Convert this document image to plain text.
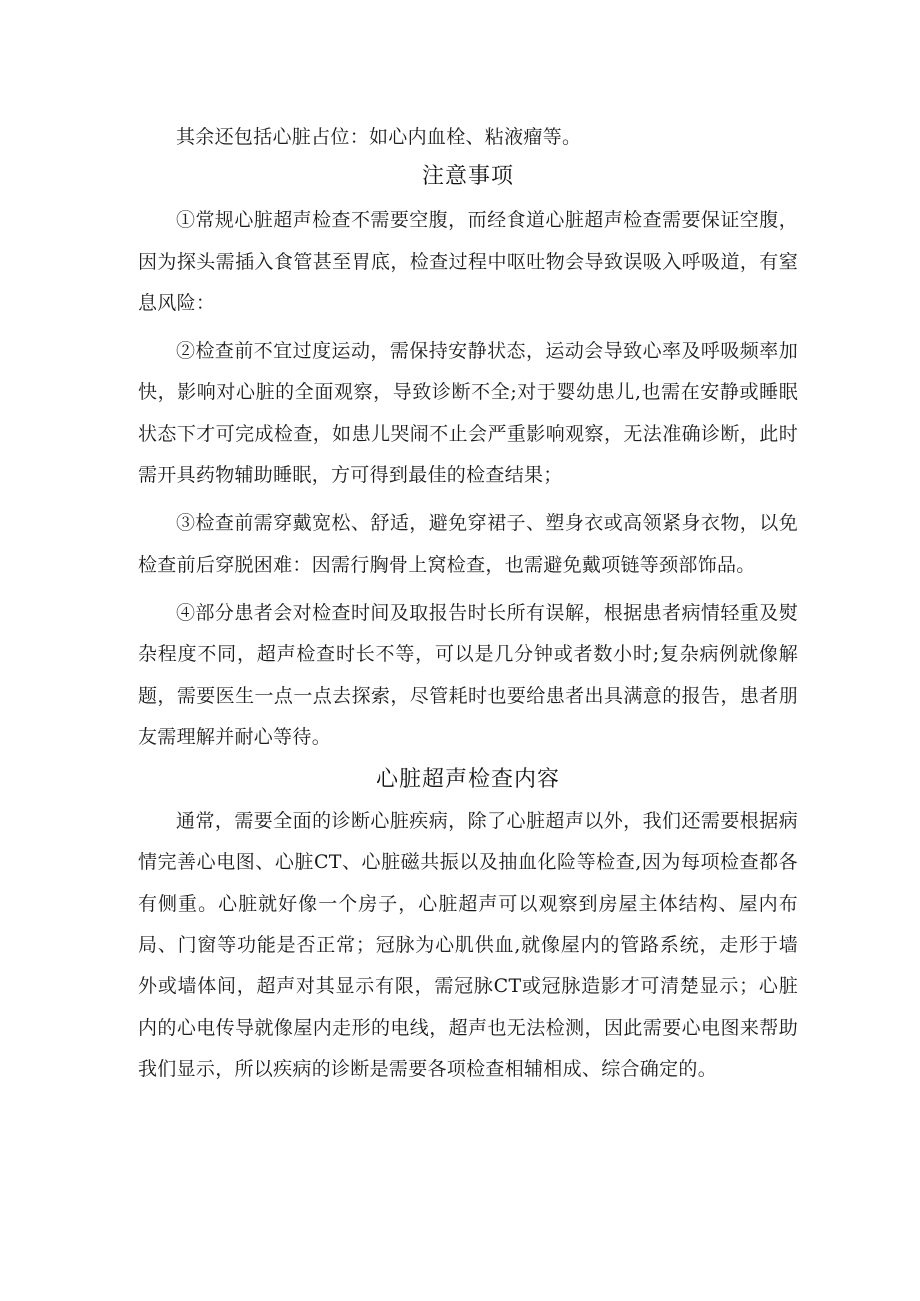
其余还包括心脏占位：如心内血栓、粘液瘤等。

注意事项

①常规心脏超声检查不需要空腹，而经食道心脏超声检查需要保证空腹，因为探头需插入食管甚至胃底，检查过程中呕吐物会导致误吸入呼吸道，有窒息风险：

②检查前不宜过度运动，需保持安静状态，运动会导致心率及呼吸频率加快，影响对心脏的全面观察，导致诊断不全;对于婴幼患儿,也需在安静或睡眠状态下才可完成检查，如患儿哭闹不止会严重影响观察，无法准确诊断，此时需开具药物辅助睡眠，方可得到最佳的检查结果；

③检查前需穿戴宽松、舒适，避免穿裙子、塑身衣或高领紧身衣物，以免检查前后穿脱困难：因需行胸骨上窝检查，也需避免戴项链等颈部饰品。

④部分患者会对检查时间及取报告时长所有误解，根据患者病情轻重及熨杂程度不同，超声检查时长不等，可以是几分钟或者数小时;复杂病例就像解题，需要医生一点一点去探索，尽管耗时也要给患者出具满意的报告，患者朋友需理解并耐心等待。

心脏超声检查内容

通常，需要全面的诊断心脏疾病，除了心脏超声以外，我们还需要根据病情完善心电图、心脏CT、心脏磁共振以及抽血化险等检查,因为每项检查都各有侧重。心脏就好像一个房子，心脏超声可以观察到房屋主体结构、屋内布局、门窗等功能是否正常；冠脉为心肌供血,就像屋内的管路系统，走形于墙外或墙体间，超声对其显示有限，需冠脉CT或冠脉造影才可清楚显示；心脏内的心电传导就像屋内走形的电线，超声也无法检测，因此需要心电图来帮助我们显示，所以疾病的诊断是需要各项检查相辅相成、综合确定的。
